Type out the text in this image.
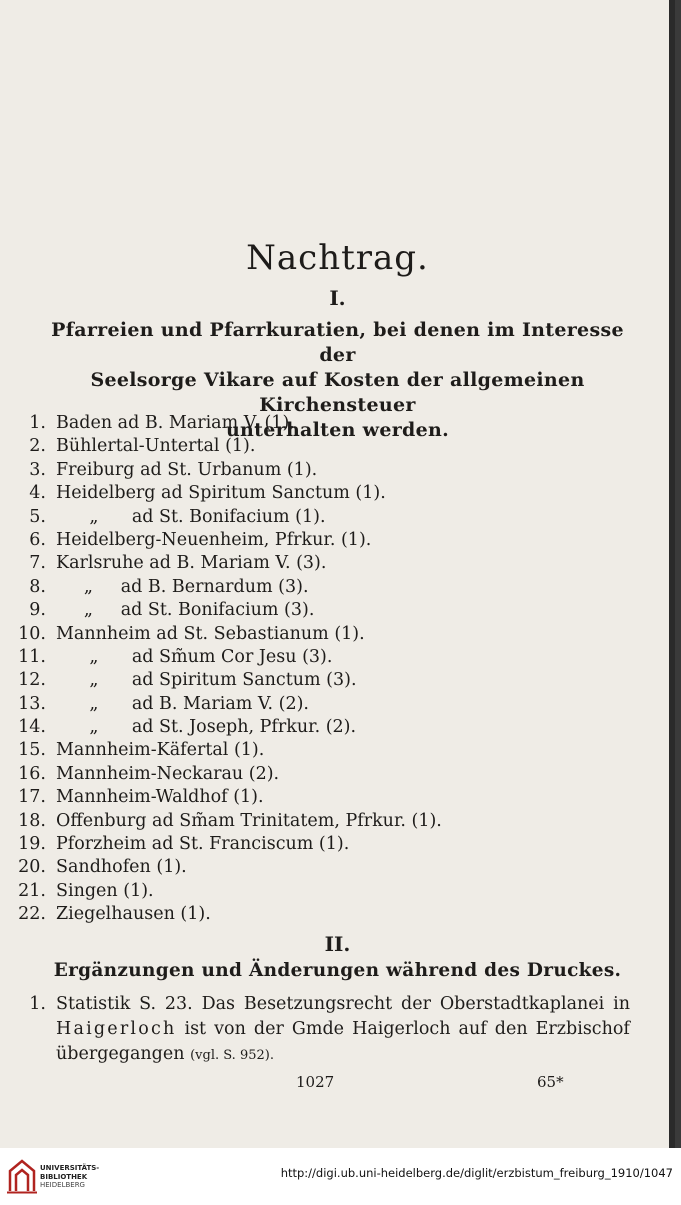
Nachtrag.
I.
Pfarreien und Pfarrkuratien, bei denen im Interesse der
Seelsorge Vikare auf Kosten der allgemeinen Kirchensteuer
unterhalten werden.
1. Baden ad B. Mariam V. (1).
2. Bühlertal-Untertal (1).
3. Freiburg ad St. Urbanum (1).
4. Heidelberg ad Spiritum Sanctum (1).
5. „      ad St. Bonifacium (1).
6. Heidelberg-Neuenheim, Pfrkur. (1).
7. Karlsruhe ad B. Mariam V. (3).
8. „     ad B. Bernardum (3).
9. „     ad St. Bonifacium (3).
10. Mannheim ad St. Sebastianum (1).
11. „      ad Sm̃um Cor Jesu (3).
12. „      ad Spiritum Sanctum (3).
13. „      ad B. Mariam V. (2).
14. „      ad St. Joseph, Pfrkur. (2).
15. Mannheim-Käfertal (1).
16. Mannheim-Neckarau (2).
17. Mannheim-Waldhof (1).
18. Offenburg ad Sm̃am Trinitatem, Pfrkur. (1).
19. Pforzheim ad St. Franciscum (1).
20. Sandhofen (1).
21. Singen (1).
22. Ziegelhausen (1).
II.
Ergänzungen und Änderungen während des Druckes.
1. Statistik S. 23. Das Besetzungsrecht der Oberstadtkaplanei in
Haigerloch ist von der Gmde Haigerloch auf den Erzbischof
übergegangen (vgl. S. 952).
1027	65*
UNIVERSITÄTS-
BIBLIOTHEK
HEIDELBERG
http://digi.ub.uni-heidelberg.de/diglit/erzbistum_freiburg_1910/1047
